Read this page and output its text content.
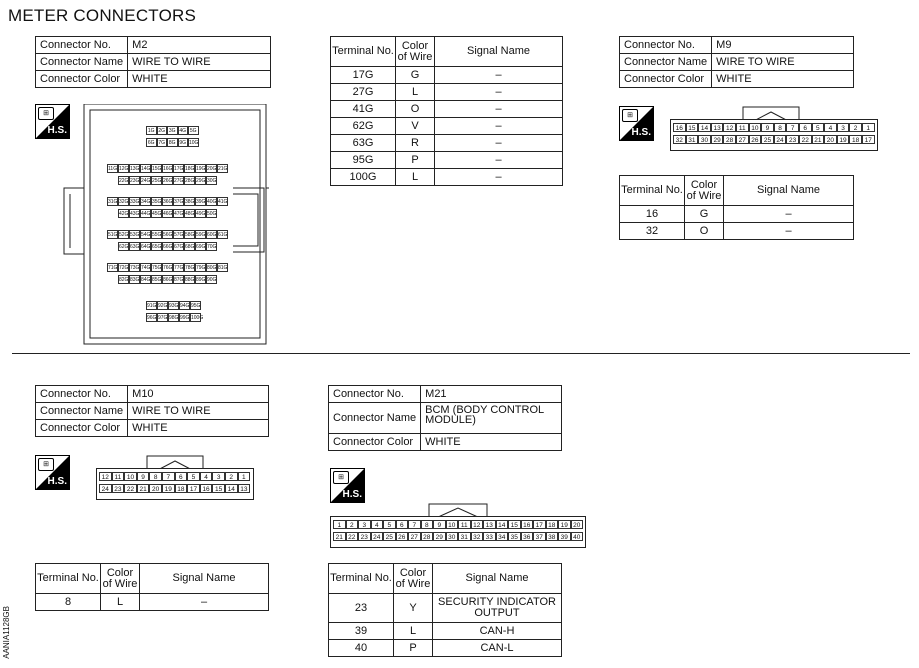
METER CONNECTORS
Connector No.	M2
Connector Name	WIRE TO WIRE
Connector Color	WHITE
⊞
H.S.	1G 2G 3G 4G 5G
6G 7G 8G 9G 10G
11G 12G 13G 14G 15G 16G 17G 18G 19G 20G 21G
22G 23G 24G 25G 26G 27G 28G 29G 30G
31G 32G 33G 34G 35G 36G 37G 38G 39G 40G 41G
42G 43G 44G 45G 46G 47G 48G 49G 50G
51G 52G 53G 54G 55G 56G 57G 58G 59G 60G 61G
62G 63G 64G 65G 66G 67G 68G 69G 70G
71G 72G 73G 74G 75G 76G 77G 78G 79G 80G 81G
82G 83G 84G 85G 86G 87G 88G 89G 90G
91G 92G 93G 94G 95G
96G 97G 98G 99G 100G
Terminal No.	Color of Wire	Signal Name
17G	G	–
27G	L	–
41G	O	–
62G	V	–
63G	R	–
95G	P	–
100G	L	–
Connector No.	M9
Connector Name	WIRE TO WIRE
Connector Color	WHITE
⊞
H.S.	16 15 14 13 12 11 10	9	8	7	6	5	4	3	2	1
32 31 30 29 28 27 26 25 24 23 22 21 20 19 18 17
Terminal No.	Color of Wire	Signal Name
16	G	–
32	O	–
Connector No.	M10
Connector Name	WIRE TO WIRE
Connector Color	WHITE
⊞
H.S.	12 11 10	9	8	7	6	5	4	3	2	1
24 23 22 21 20 19 18 17 16 15 14 13
Terminal No.	Color of Wire	Signal Name
8	L	–
Connector No.	M21
Connector Name	BCM (BODY CONTROL MODULE)
Connector Color	WHITE
⊞
H.S.
1	2	3	4	5	6	7	8	9	10 11 12 13 14 15 16 17 18 19 20
21 22 23 24 25 26 27 28 29 30 31 32 33 34 35 36 37 38 39 40
Terminal No.	Color of Wire	Signal Name
23	Y	SECURITY INDICATOR OUTPUT
39	L	CAN-H
40	P	CAN-L
AANIA1128GB
